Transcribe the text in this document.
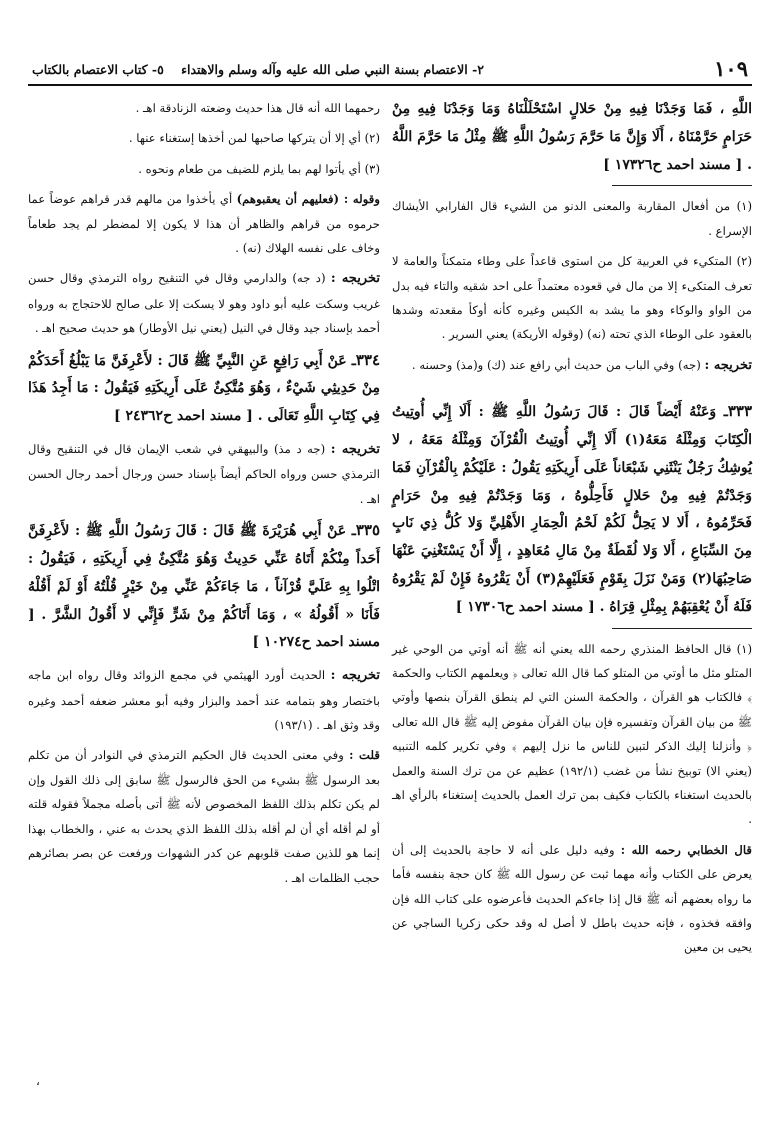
١٠٩
٢- الاعتصام بسنة النبي صلى الله عليه وآله وسلم والاهتداء
٥- كتاب الاعتصام بالكتاب

اللَّهِ ، فَمَا وَجَدْنَا فِيهِ مِنْ حَلالٍ اسْتَحْلَلْنَاهُ وَمَا وَجَدْنَا فِيهِ مِنْ حَرَامٍ حَرَّمْنَاهُ ، أَلَا وَإِنَّ مَا حَرَّمَ رَسُولُ اللَّهِ ﷺ مِثْلُ مَا حَرَّمَ اللَّهُ . [ مسند احمد ح١٧٣٢٦ ]

(١) من أفعال المقاربة والمعنى الدنو من الشيء قال الفارابي الأيشاك الإسراع .

(٢) المتكيء في العربية كل من استوى قاعداً على وطاء متمكناً والعامة لا تعرف المتكىء إلا من مال في قعوده معتمداً على احد شقيه والتاء فيه بدل من الواو والوكاء وهو ما يشد به الكيس وغيره كأنه أوكأ مقعدته وشدها بالعقود على الوطاء الذي تحته (نه) (وقوله الأريكة) يعني السرير .

تخريجه : (جه) وفي الباب من حديث أبي رافع عند (ك) و(مذ) وحسنه .

٣٣٣ـ وَعَنْهُ أَيْضاً قَالَ : قَالَ رَسُولُ اللَّهِ ﷺ : أَلَا إِنِّي أُوتِيتُ الْكِتَابَ وَمِثْلَهُ مَعَهُ(١) أَلَا إِنِّي أُوتِيتُ الْقُرْآنَ وَمِثْلَهُ مَعَهُ ، لا يُوشِكُ رَجُلٌ يَنْثَنِي شَبْعَاناً عَلَى أَرِيكَتِهِ يَقُولُ : عَلَيْكُمْ بِالْقُرْآنِ فَمَا وَجَدْتُمْ فِيهِ مِنْ حَلالٍ فَأَحِلُّوهُ ، وَمَا وَجَدْتُمْ فِيهِ مِنْ حَرَامٍ فَحَرِّمُوهُ ، أَلا لا يَحِلُّ لَكُمْ لَحْمُ الْحِمَارِ الأَهْلِيِّ وَلا كُلُّ ذِي نَابٍ مِنَ السِّبَاعِ ، أَلا وَلا لُقَطَةٌ مِنْ مَالِ مُعَاهِدٍ ، إِلَّا أَنْ يَسْتَغْنِيَ عَنْهَا صَاحِبُهَا(٢) وَمَنْ نَزَلَ بِقَوْمٍ فَعَلَيْهِمْ(٣) أَنْ يَقْرُوهُ فَإِنْ لَمْ يَقْرُوهُ فَلَهُ أَنْ يُعْقِبَهُمْ بِمِثْلِ قِرَاهُ . [ مسند احمد ح١٧٣٠٦ ]

(١) قال الحافظ المنذري رحمه الله يعني أنه ﷺ أنه أوتي من الوحي غير المتلو مثل ما أوتي من المتلو كما قال الله تعالى ﴿ ويعلمهم الكتاب والحكمة ﴾ فالكتاب هو القرآن ، والحكمة السنن التي لم ينطق القرآن بنصها وأوتي ﷺ من بيان القرآن وتفسيره فإن بيان القرآن مفوض إليه ﷺ قال الله تعالى ﴿ وأنزلنا إليك الذكر لتبين للناس ما نزل إليهم ﴾ وفي تكرير كلمه التنبيه (يعني الا) توبيخ نشأ من غضب (١٩٢/١) عظيم عن من ترك السنة والعمل بالحديث استغناء بالكتاب فكيف بمن ترك العمل بالحديث إستغناء بالرأي اهـ .

قال الخطابي رحمه الله : وفيه دليل على أنه لا حاجة بالحديث إلى أن يعرض على الكتاب وأنه مهما ثبت عن رسول الله ﷺ كان حجة بنفسه فأما ما رواه بعضهم أنه ﷺ قال إذا جاءكم الحديث فأعرضوه على كتاب الله فإن وافقه فخذوه ، فإنه حديث باطل لا أصل له وقد حكى زكريا الساجي عن يحيى بن معين

رحمهما الله أنه قال هذا حديث وضعته الزنادقة اهـ .

(٢) أي إلا أن يتركها صاحبها لمن أخذها إستغناء عنها .

(٣) أي يأتوا لهم بما يلزم للضيف من طعام ونحوه .

وقوله : (فعليهم أن يعقبوهم) أي يأخذوا من مالهم قدر قراهم عوضاً عما حرموه من قراهم والظاهر أن هذا لا يكون إلا لمضطر لم يجد طعاماً وخاف على نفسه الهلاك (نه) .

تخريجه : (د جه) والدارمي وقال في التنقيح رواه الترمذي وقال حسن غريب وسكت عليه أبو داود وهو لا يسكت إلا على صالح للاحتجاج به ورواه أحمد بإسناد جيد وقال في النيل (يعني نيل الأوطار) هو حديث صحيح اهـ .

٣٣٤ـ عَنْ أَبِي رَافِعٍ عَنِ النَّبِيِّ ﷺ قَالَ : لأَعْرِفَنَّ مَا يَبْلُغُ أَحَدَكُمْ مِنْ حَدِيثِي شَيْءٌ ، وَهُوَ مُتَّكِئٌ عَلَى أَرِيكَتِهِ فَيَقُولُ : مَا أَجِدُ هَذَا فِي كِتَابِ اللَّهِ تَعَالَى . [ مسند احمد ح٢٤٣٦٢ ]

تخريجه : (جه د مذ) والبيهقي في شعب الإيمان قال في التنقيح وقال الترمذي حسن ورواه الحاكم أيضاً بإسناد حسن ورجال أحمد رجال الحسن اهـ .

٣٣٥ـ عَنْ أَبِي هُرَيْرَةَ ﷺ قَالَ : قَالَ رَسُولُ اللَّهِ ﷺ : لأَعْرِفَنَّ أَحَداً مِنْكُمْ أَتَاهُ عَنِّي حَدِيثٌ وَهُوَ مُتَّكِئٌ فِي أَرِيكَتِهِ ، فَيَقُولُ : اتْلُوا بِهِ عَلَيَّ قُرْآناً ، مَا جَاءَكُمْ عَنِّي مِنْ خَيْرٍ قُلْتُهُ أَوْ لَمْ أَقُلْهُ فَأَنَا « أَقُولُهُ » ، وَمَا أَتَاكُمْ مِنْ شَرٍّ فَإِنِّي لا أَقُولُ الشَّرَّ . [ مسند احمد ح١٠٢٧٤ ]

تخريجه : الحديث أورد الهيثمي في مجمع الزوائد وقال رواه ابن ماجه باختصار وهو بتمامه عند أحمد والبزار وفيه أبو معشر ضعفه أحمد وغيره وقد وثق اهـ . (١٩٣/١)

قلت : وفي معنى الحديث قال الحكيم الترمذي في النوادر أن من تكلم بعد الرسول ﷺ بشيء من الحق فالرسول ﷺ سابق إلى ذلك القول وإن لم يكن تكلم بذلك اللفظ المخصوص لأنه ﷺ أتى بأصله مجملاً فقوله قلته أو لم أقله أي أن لم أقله بذلك اللفظ الذي يحدث به عني ، والخطاب بهذا إنما هو للذين صفت قلوبهم عن كدر الشهوات ورفعت عن بصر بصائرهم حجب الظلمات اهـ .

،
